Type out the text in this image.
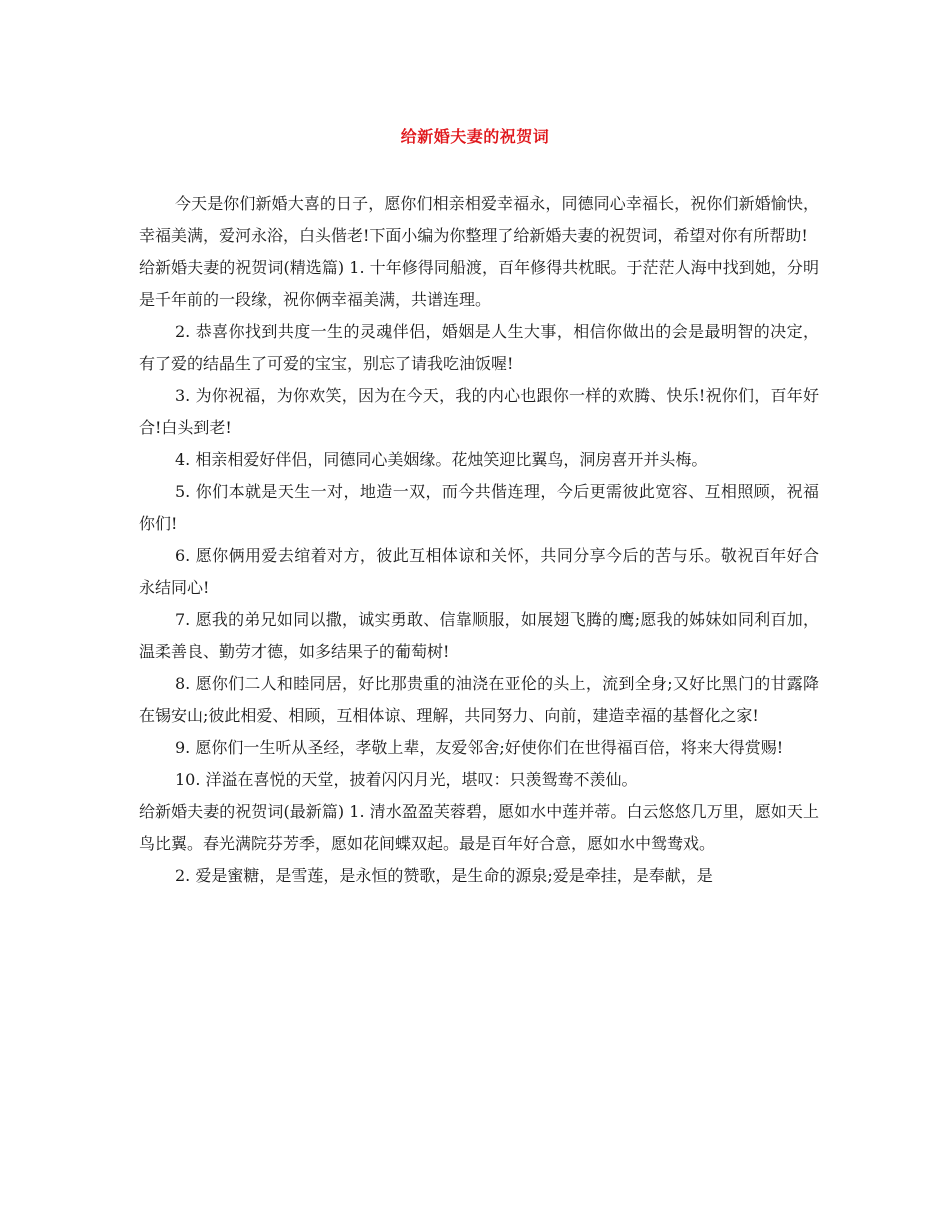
给新婚夫妻的祝贺词

今天是你们新婚大喜的日子，愿你们相亲相爱幸福永，同德同心幸福长，祝你们新婚愉快，幸福美满，爱河永浴，白头偕老!下面小编为你整理了给新婚夫妻的祝贺词，希望对你有所帮助!

给新婚夫妻的祝贺词(精选篇) 1. 十年修得同船渡，百年修得共枕眠。于茫茫人海中找到她，分明是千年前的一段缘，祝你俩幸福美满，共谱连理。

2. 恭喜你找到共度一生的灵魂伴侣，婚姻是人生大事，相信你做出的会是最明智的决定，有了爱的结晶生了可爱的宝宝，别忘了请我吃油饭喔!

3. 为你祝福，为你欢笑，因为在今天，我的内心也跟你一样的欢腾、快乐!祝你们，百年好合!白头到老!

4. 相亲相爱好伴侣，同德同心美姻缘。花烛笑迎比翼鸟，洞房喜开并头梅。

5. 你们本就是天生一对，地造一双，而今共偕连理，今后更需彼此宽容、互相照顾，祝福你们!

6. 愿你俩用爱去绾着对方，彼此互相体谅和关怀，共同分享今后的苦与乐。敬祝百年好合永结同心!

7. 愿我的弟兄如同以撒，诚实勇敢、信靠顺服，如展翅飞腾的鹰;愿我的姊妹如同利百加，温柔善良、勤劳才德，如多结果子的葡萄树!

8. 愿你们二人和睦同居，好比那贵重的油浇在亚伦的头上，流到全身;又好比黑门的甘露降在锡安山;彼此相爱、相顾，互相体谅、理解，共同努力、向前，建造幸福的基督化之家!

9. 愿你们一生听从圣经，孝敬上辈，友爱邻舍;好使你们在世得福百倍，将来大得赏赐!

10. 洋溢在喜悦的天堂，披着闪闪月光，堪叹：只羡鸳鸯不羡仙。

给新婚夫妻的祝贺词(最新篇) 1. 清水盈盈芙蓉碧，愿如水中莲并蒂。白云悠悠几万里，愿如天上鸟比翼。春光满院芬芳季，愿如花间蝶双起。最是百年好合意，愿如水中鸳鸯戏。

2. 爱是蜜糖，是雪莲，是永恒的赞歌，是生命的源泉;爱是牵挂，是奉献，是
